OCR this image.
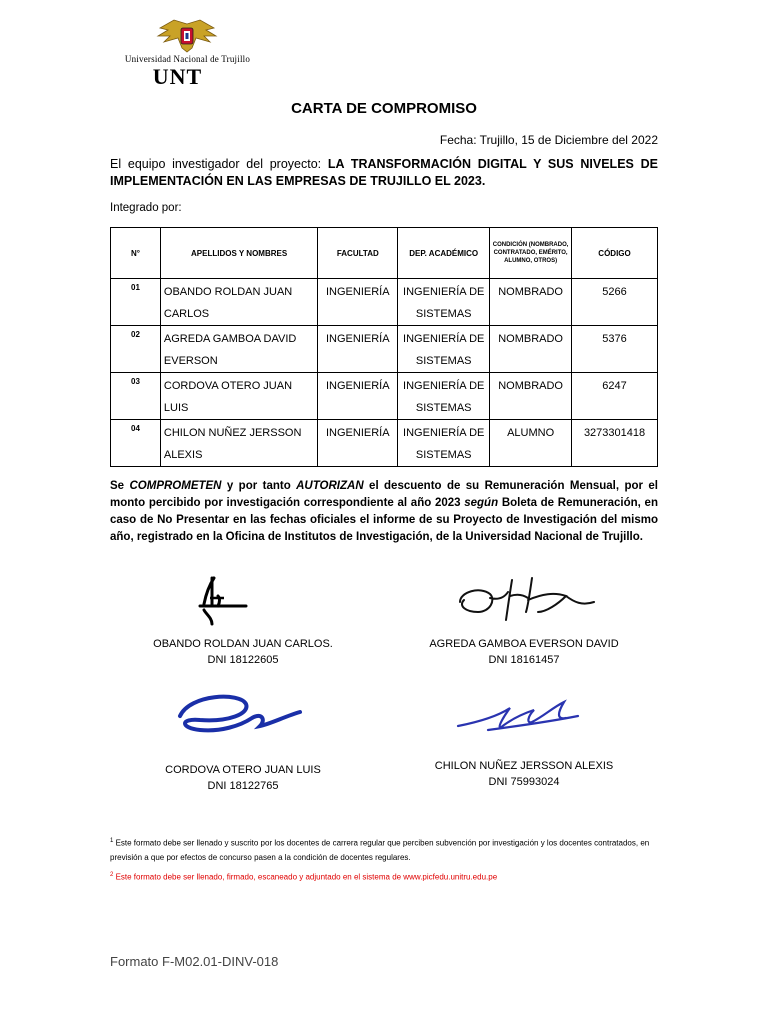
Universidad Nacional de Trujillo
UNT
CARTA DE COMPROMISO
Fecha: Trujillo, 15 de Diciembre del 2022
El equipo investigador del proyecto: LA TRANSFORMACIÓN DIGITAL Y SUS NIVELES DE IMPLEMENTACIÓN EN LAS EMPRESAS DE TRUJILLO EL 2023.
Integrado por:
N°	APELLIDOS Y NOMBRES	FACULTAD	DEP. ACADÉMICO	CONDICIÓN (NOMBRADO, CONTRATADO, EMÉRITO, ALUMNO, OTROS)	CÓDIGO
01	OBANDO ROLDAN JUAN CARLOS	INGENIERÍA	INGENIERÍA DE SISTEMAS	NOMBRADO	5266
02	AGREDA GAMBOA DAVID EVERSON	INGENIERÍA	INGENIERÍA DE SISTEMAS	NOMBRADO	5376
03	CORDOVA OTERO JUAN LUIS	INGENIERÍA	INGENIERÍA DE SISTEMAS	NOMBRADO	6247
04	CHILON NUÑEZ JERSSON ALEXIS	INGENIERÍA	INGENIERÍA DE SISTEMAS	ALUMNO	3273301418
Se COMPROMETEN y por tanto AUTORIZAN el descuento de su Remuneración Mensual, por el monto percibido por investigación correspondiente al año 2023 según Boleta de Remuneración, en caso de No Presentar en las fechas oficiales el informe de su Proyecto de Investigación del mismo año, registrado en la Oficina de Institutos de Investigación, de la Universidad Nacional de Trujillo.
OBANDO ROLDAN JUAN CARLOS.
DNI 18122605
AGREDA GAMBOA EVERSON DAVID
DNI 18161457
CORDOVA OTERO JUAN LUIS
DNI 18122765
CHILON NUÑEZ JERSSON ALEXIS
DNI 75993024
$^1$ Este formato debe ser llenado y suscrito por los docentes de carrera regular que perciben subvención por investigación y los docentes contratados, en previsión a que por efectos de concurso pasen a la condición de docentes regulares.
$^2$ Este formato debe ser llenado, firmado, escaneado y adjuntado en el sistema de www.picfedu.unitru.edu.pe
Formato F-M02.01-DINV-018
